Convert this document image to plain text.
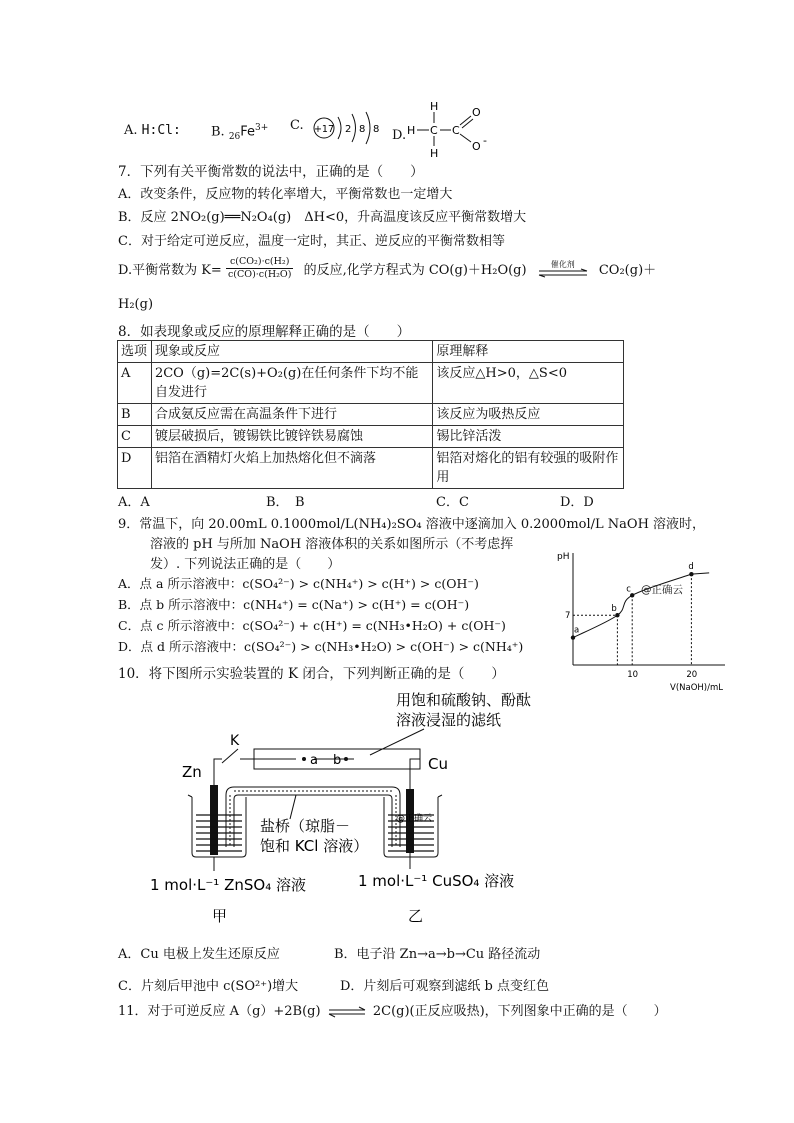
A. H:Cl: B. $_{26}Fe^{3+}$ C. +17 2 8 8 D. H C
H
H
C
O
O -
7．下列有关平衡常数的说法中，正确的是（　　）
A．改变条件，反应物的转化率增大，平衡常数也一定增大
B．反应 2NO₂(g)══N₂O₄(g)　ΔH<0，升高温度该反应平衡常数增大
C．对于给定可逆反应，温度一定时，其正、逆反应的平衡常数相等
D.平衡常数为 $K= \frac{\text{c(CO₂)·c(H₂)}}{\text{c(CO)·c(H₂O)}}$ 的反应,化学方程式为 CO(g)＋H₂O(g)	催化剂	CO₂(g)＋
H₂(g)
8．如表现象或反应的原理解释正确的是（　　）
选项	现象或反应	原理解释
A	2CO（g)=2C(s)+O₂(g)在任何条件下均不能自发进行	该反应△H>0，△S<0
B	合成氨反应需在高温条件下进行	该反应为吸热反应
C	镀层破损后，镀锡铁比镀锌铁易腐蚀	锡比锌活泼
D	铝箔在酒精灯火焰上加热熔化但不滴落	铝箔对熔化的铝有较强的吸附作用
A．A	B．　B	C．C	D．D
9．常温下，向 20.00mL 0.1000mol/L(NH₄)₂SO₄ 溶液中逐滴加入 0.2000mol/L NaOH 溶液时，
溶液的 pH 与所加 NaOH 溶液体积的关系如图所示（不考虑挥
发）. 下列说法正确的是（　　）
A．点 a 所示溶液中：c(SO₄²⁻) > c(NH₄⁺) > c(H⁺) > c(OH⁻)
B．点 b 所示溶液中：c(NH₄⁺) = c(Na⁺) > c(H⁺) = c(OH⁻)
C．点 c 所示溶液中：c(SO₄²⁻) + c(H⁺) = c(NH₃•H₂O) + c(OH⁻)
D．点 d 所示溶液中：c(SO₄²⁻) > c(NH₃•H₂O) > c(OH⁻) > c(NH₄⁺)
pH
V(NaOH)/mL
7
10	20
a
b
c
d
@正确云
10．将下图所示实验装置的 K 闭合，下列判断正确的是（　　）
用饱和硫酸钠、酚酞
溶液浸湿的滤纸
a b
K
Zn	Cu
盐桥（琼脂－
饱和 KCl 溶液）
@正确云
1 mol·L⁻¹ ZnSO₄ 溶液	1 mol·L⁻¹ CuSO₄ 溶液
甲	乙
A．Cu 电极上发生还原反应	B．电子沿 Zn→a→b→Cu 路径流动
C．片刻后甲池中 c(SO²⁺)增大	D．片刻后可观察到滤纸 b 点变红色
11．对于可逆反应 A（g）+2B(g) ⇌ 2C(g)(正反应吸热)，下列图象中正确的是（　　）
